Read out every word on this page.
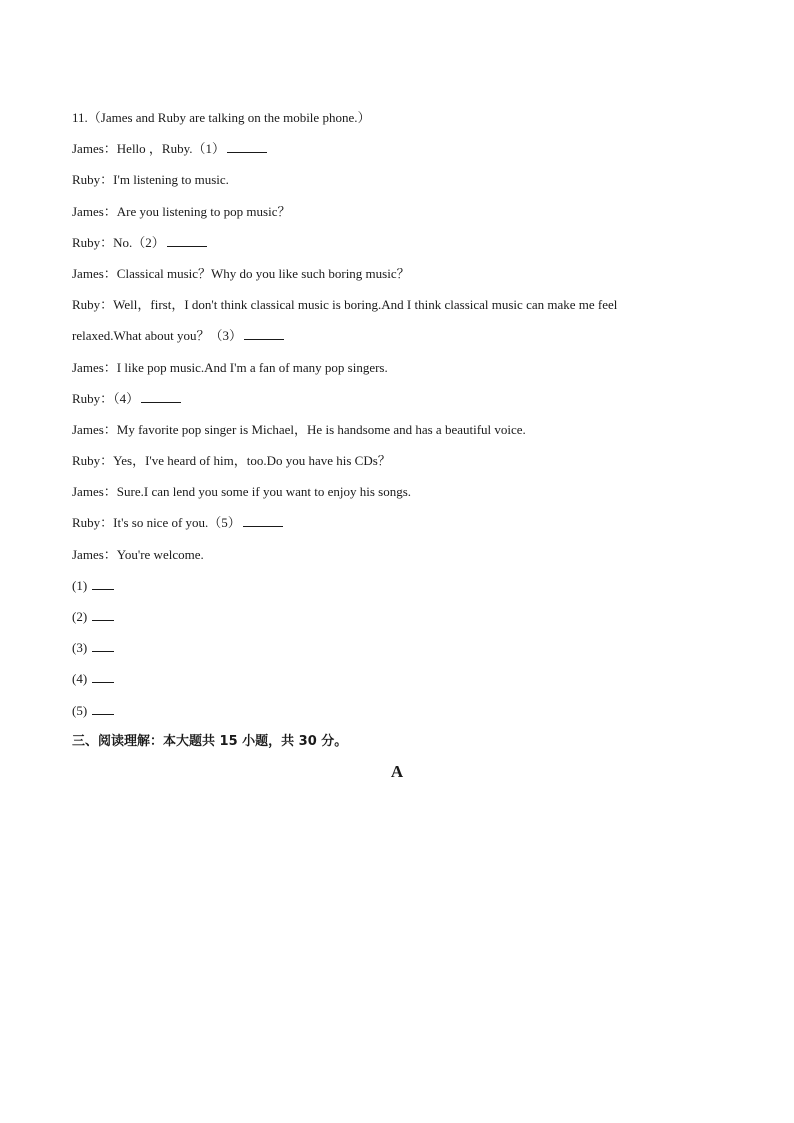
11.（James and Ruby are talking on the mobile phone.）
James：Hello ，Ruby.（1）
Ruby：I'm listening to music.
James：Are you listening to pop music？
Ruby：No.（2）
James：Classical music？Why do you like such boring music？
Ruby：Well，first，I don't think classical music is boring.And I think classical music can make me feel
relaxed.What about you？（3）
James：I like pop music.And I'm a fan of many pop singers.
Ruby：（4）
James：My favorite pop singer is Michael，He is handsome and has a beautiful voice.
Ruby：Yes，I've heard of him，too.Do you have his CDs？
James：Sure.I can lend you some if you want to enjoy his songs.
Ruby：It's so nice of you.（5）
James：You're welcome.
(1)
(2)
(3)
(4)
(5)
三、阅读理解：本大题共 15 小题，共 30 分。
A
